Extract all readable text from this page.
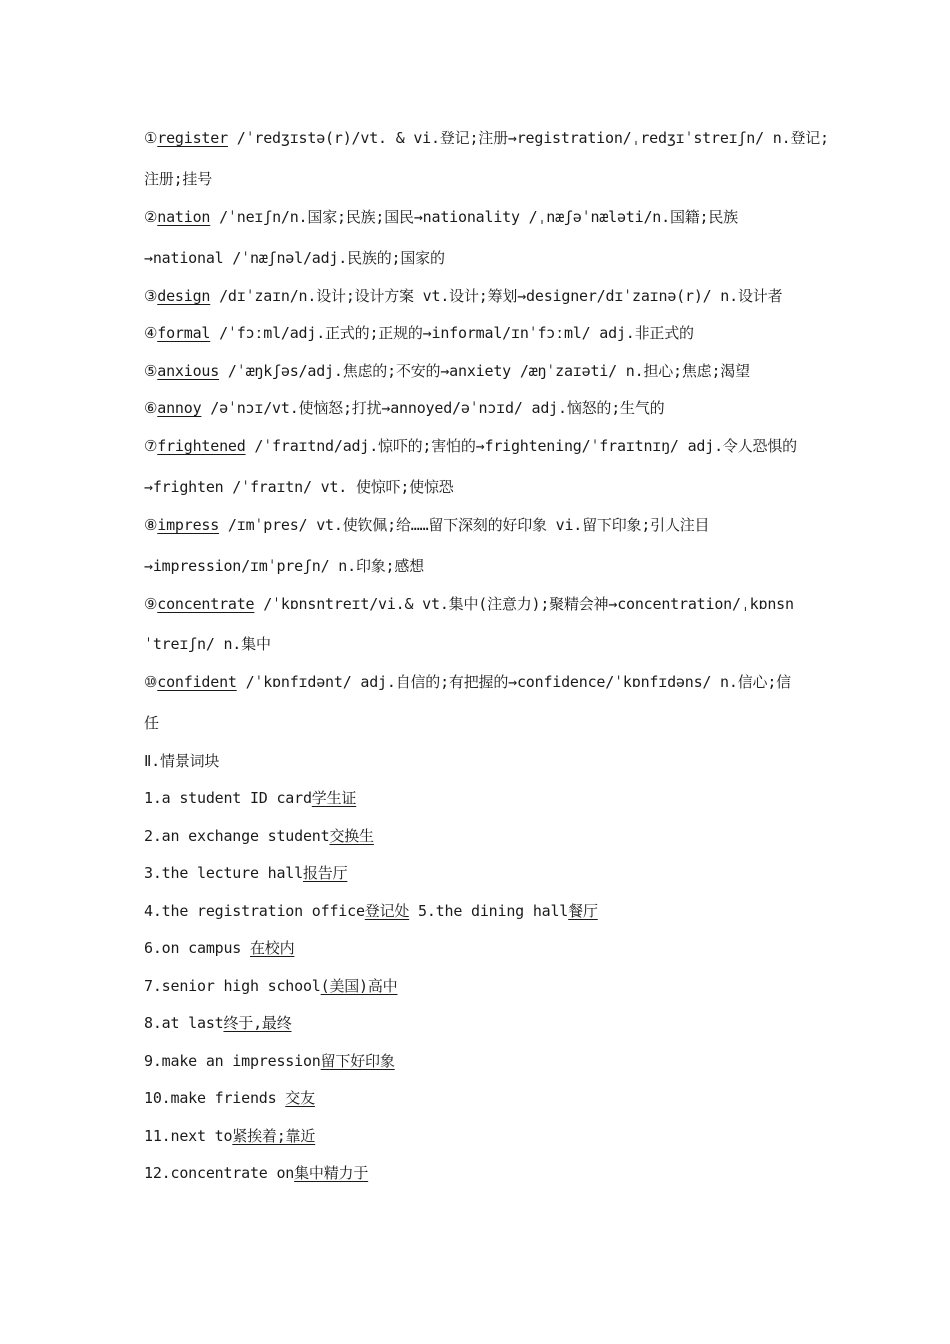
①register /ˈredʒɪstə(r)/vt. & vi.登记;注册→registration/ˌredʒɪˈstreɪʃn/ n.登记;
注册;挂号
②nation /ˈneɪʃn/n.国家;民族;国民→nationality /ˌnæʃəˈnæləti/n.国籍;民族
→national /ˈnæʃnəl/adj.民族的;国家的
③design /dɪˈzaɪn/n.设计;设计方案 vt.设计;筹划→designer/dɪˈzaɪnə(r)/ n.设计者
④formal /ˈfɔːml/adj.正式的;正规的→informal/ɪnˈfɔːml/ adj.非正式的
⑤anxious /ˈæŋkʃəs/adj.焦虑的;不安的→anxiety /æŋˈzaɪəti/ n.担心;焦虑;渴望
⑥annoy /əˈnɔɪ/vt.使恼怒;打扰→annoyed/əˈnɔɪd/ adj.恼怒的;生气的
⑦frightened /ˈfraɪtnd/adj.惊吓的;害怕的→frightening/ˈfraɪtnɪŋ/ adj.令人恐惧的
→frighten /ˈfraɪtn/ vt. 使惊吓;使惊恐
⑧impress /ɪmˈpres/ vt.使钦佩;给……留下深刻的好印象 vi.留下印象;引人注目
→impression/ɪmˈpreʃn/ n.印象;感想
⑨concentrate /ˈkɒnsntreɪt/vi.& vt.集中(注意力);聚精会神→concentration/ˌkɒnsn
ˈtreɪʃn/ n.集中
⑩confident /ˈkɒnfɪdənt/ adj.自信的;有把握的→confidence/ˈkɒnfɪdəns/ n.信心;信
任
Ⅱ.情景词块
1.a student ID card学生证
2.an exchange student交换生
3.the lecture hall报告厅
4.the registration office登记处 5.the dining hall餐厅
6.on campus 在校内
7.senior high school(美国)高中
8.at last终于,最终
9.make an impression留下好印象
10.make friends 交友
11.next to紧挨着;靠近
12.concentrate on集中精力于
